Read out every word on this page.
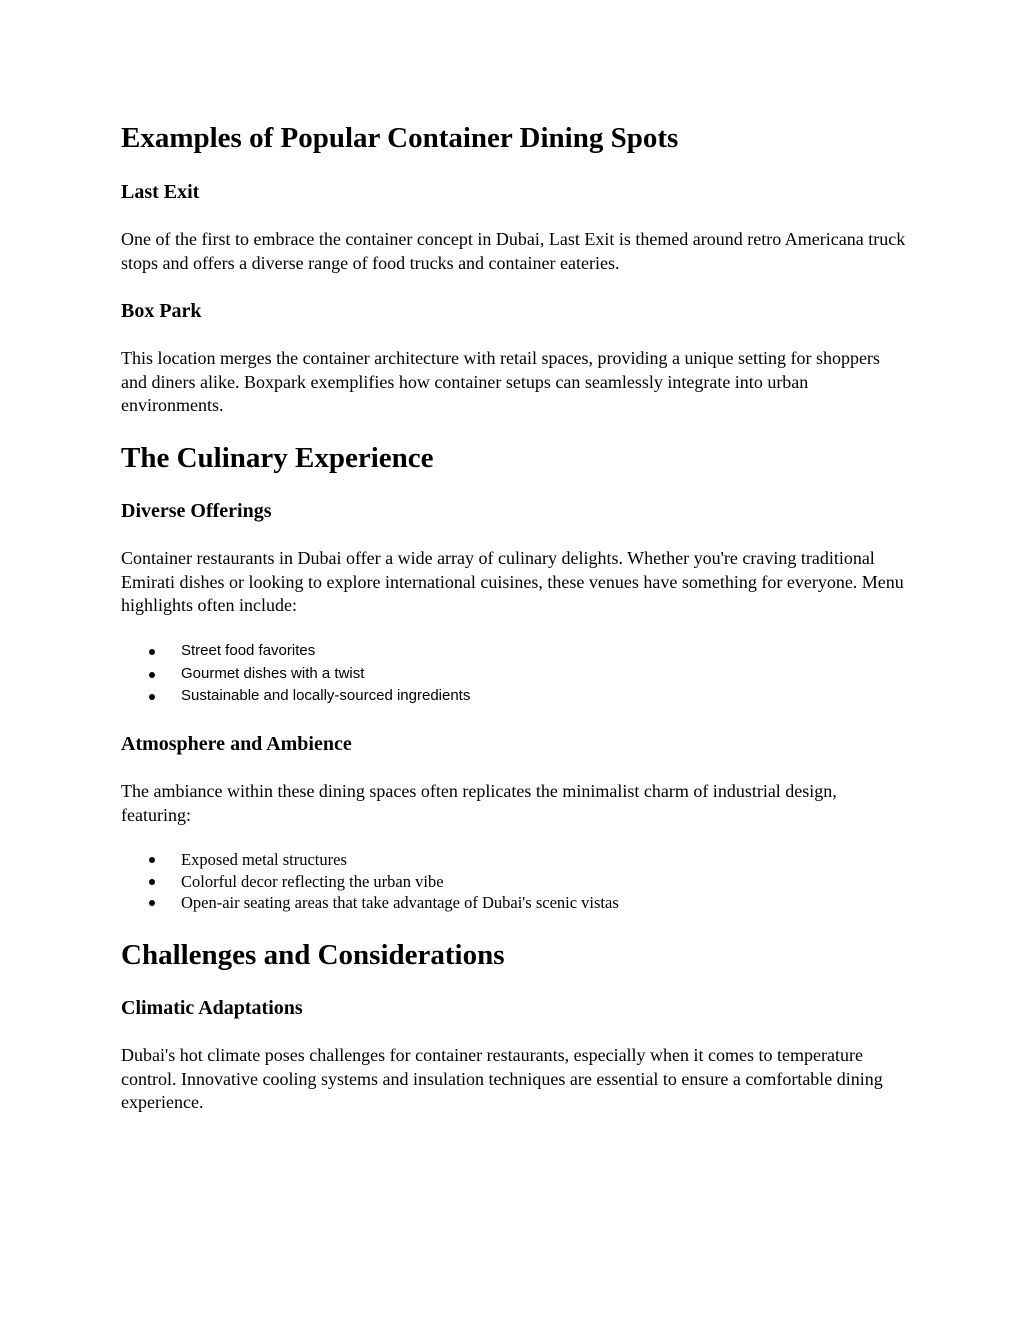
Examples of Popular Container Dining Spots
Last Exit

One of the first to embrace the container concept in Dubai, Last Exit is themed around retro Americana truck stops and offers a diverse range of food trucks and container eateries.

Box Park

This location merges the container architecture with retail spaces, providing a unique setting for shoppers and diners alike. Boxpark exemplifies how container setups can seamlessly integrate into urban environments.

The Culinary Experience
Diverse Offerings

Container restaurants in Dubai offer a wide array of culinary delights. Whether you're craving traditional Emirati dishes or looking to explore international cuisines, these venues have something for everyone. Menu highlights often include:

Street food favorites
Gourmet dishes with a twist
Sustainable and locally-sourced ingredients
Atmosphere and Ambience

The ambiance within these dining spaces often replicates the minimalist charm of industrial design, featuring:

Exposed metal structures
Colorful decor reflecting the urban vibe
Open-air seating areas that take advantage of Dubai's scenic vistas
Challenges and Considerations
Climatic Adaptations

Dubai's hot climate poses challenges for container restaurants, especially when it comes to temperature control. Innovative cooling systems and insulation techniques are essential to ensure a comfortable dining experience.
